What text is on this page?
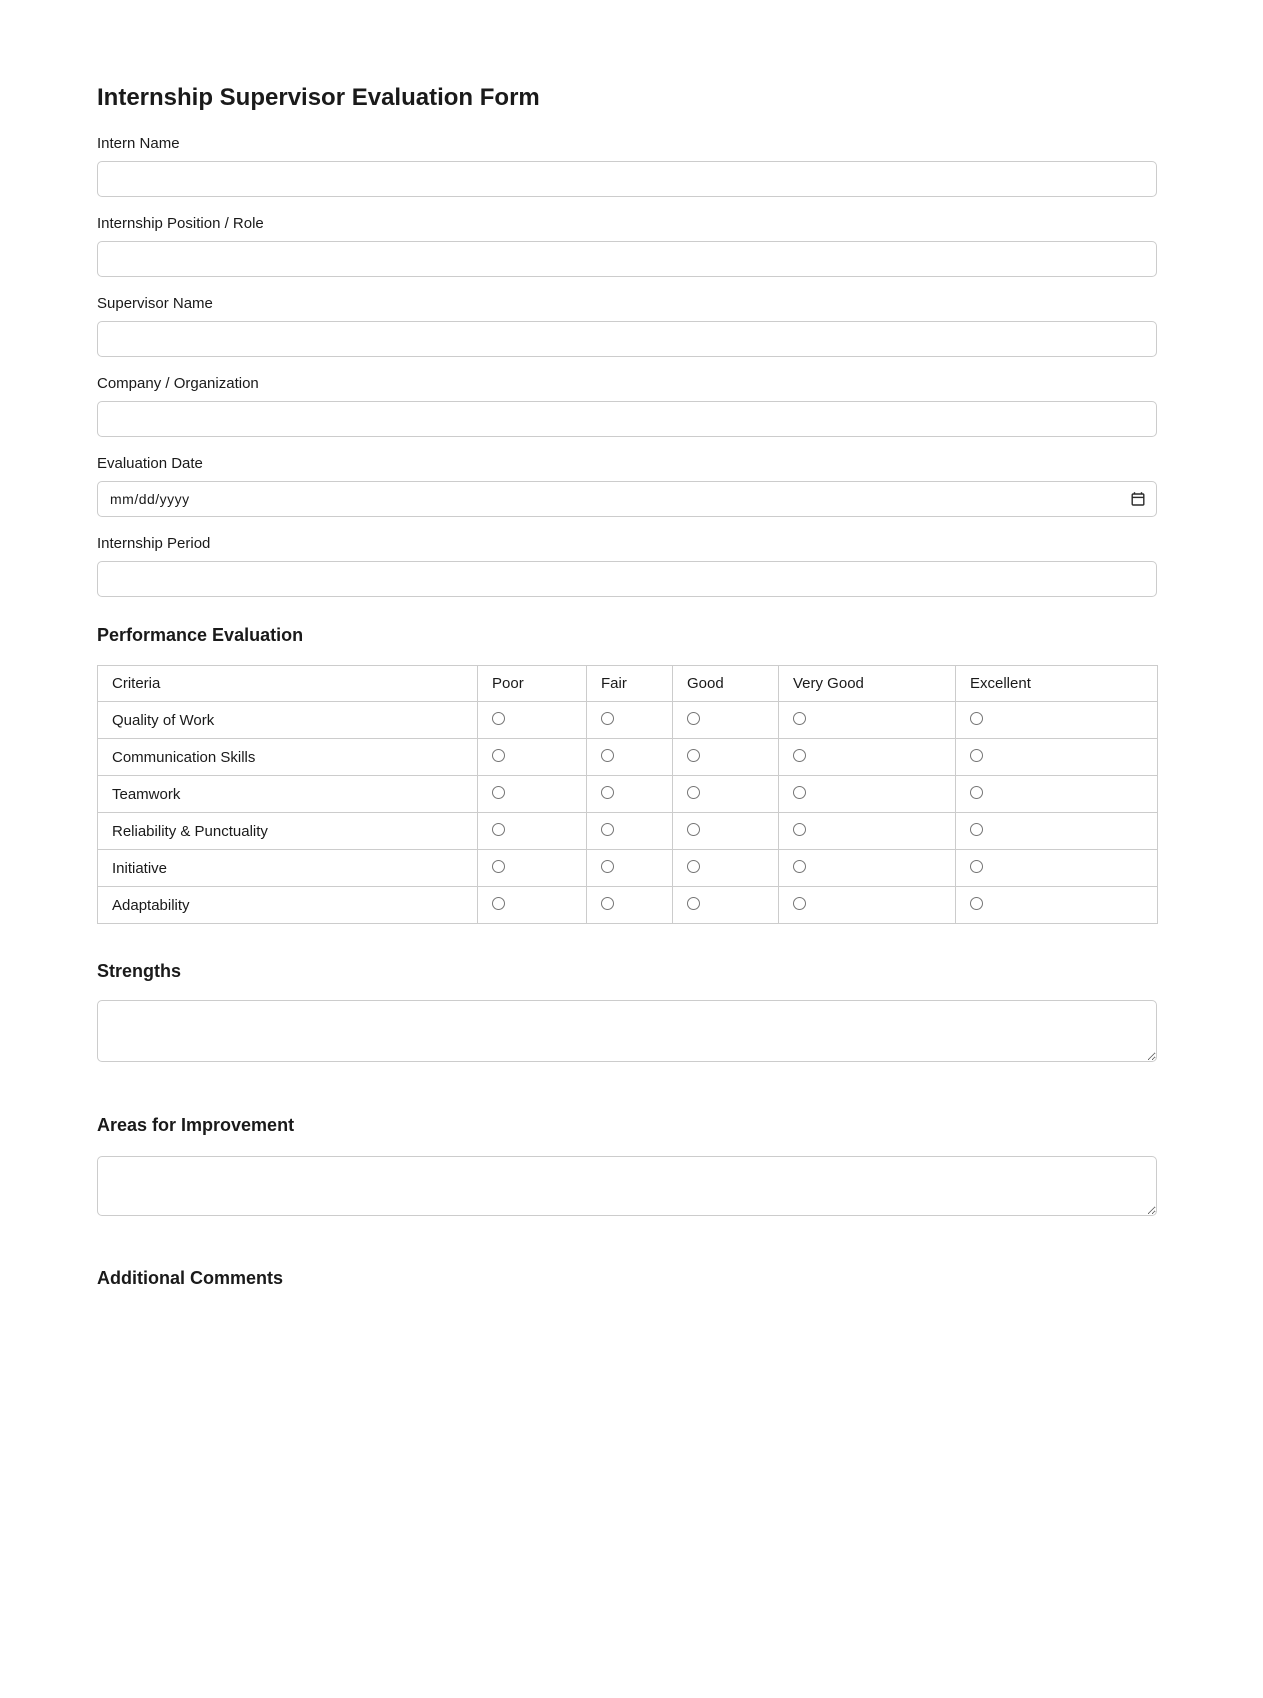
Internship Supervisor Evaluation Form
Intern Name
Internship Position / Role
Supervisor Name
Company / Organization
Evaluation Date
mm/dd/yyyy
Internship Period
Performance Evaluation
Criteria	Poor	Fair	Good	Very Good	Excellent
Quality of Work					
Communication Skills					
Teamwork					
Reliability & Punctuality					
Initiative					
Adaptability					
Strengths
Areas for Improvement
Additional Comments
